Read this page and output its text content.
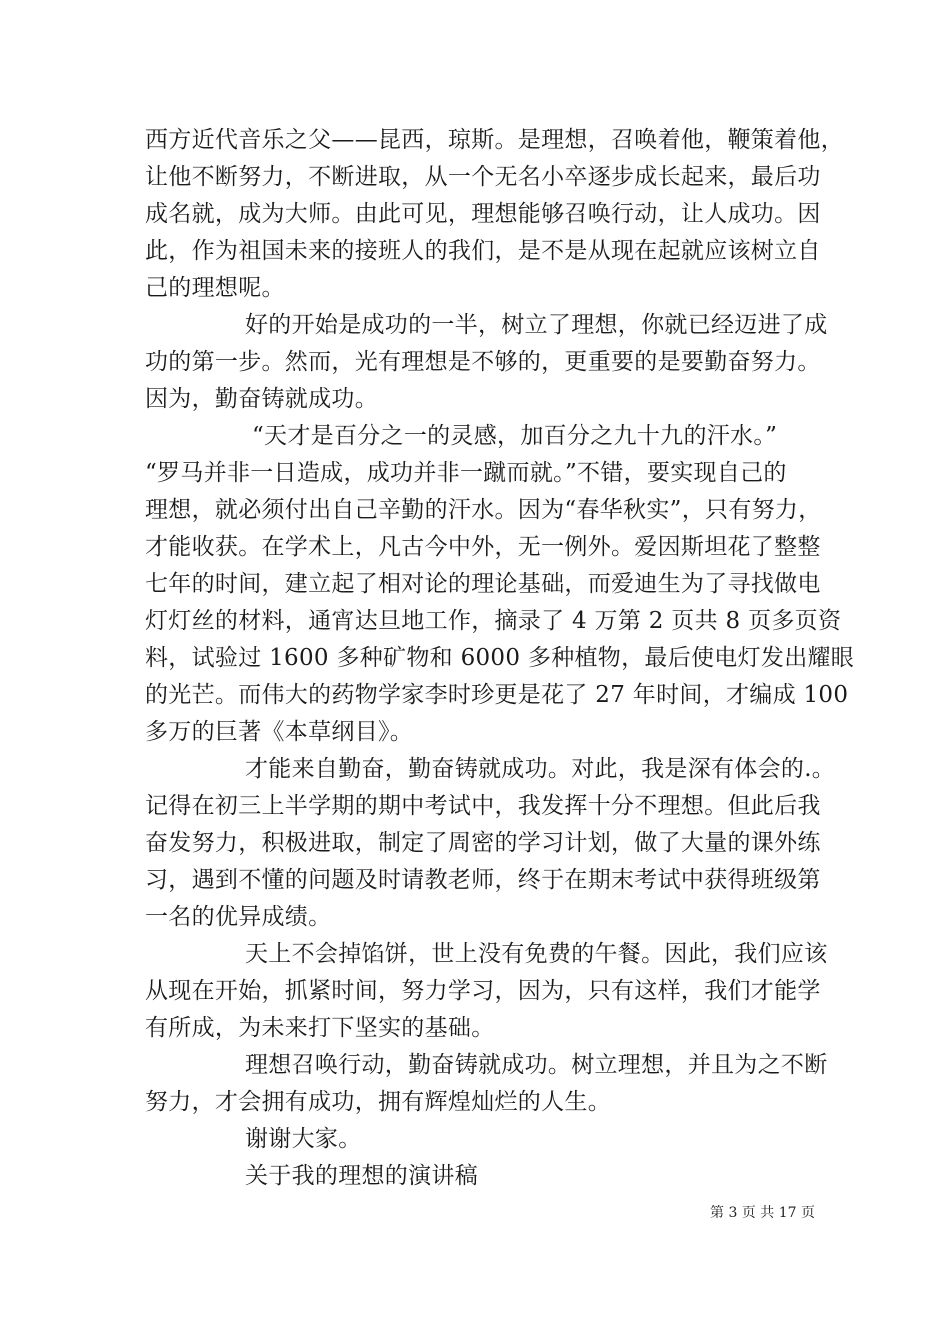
西方近代音乐之父——昆西，琼斯。是理想，召唤着他，鞭策着他，
让他不断努力，不断进取，从一个无名小卒逐步成长起来，最后功
成名就，成为大师。由此可见，理想能够召唤行动，让人成功。因
此，作为祖国未来的接班人的我们，是不是从现在起就应该树立自
己的理想呢。
好的开始是成功的一半，树立了理想，你就已经迈进了成
功的第一步。然而，光有理想是不够的，更重要的是要勤奋努力。
因为，勤奋铸就成功。
“天才是百分之一的灵感，加百分之九十九的汗水。”
“罗马并非一日造成，成功并非一蹴而就。”不错，要实现自己的
理想，就必须付出自己辛勤的汗水。因为“春华秋实”，只有努力，
才能收获。在学术上，凡古今中外，无一例外。爱因斯坦花了整整
七年的时间，建立起了相对论的理论基础，而爱迪生为了寻找做电
灯灯丝的材料，通宵达旦地工作，摘录了 4 万第 2 页共 8 页多页资
料，试验过 1600 多种矿物和 6000 多种植物，最后使电灯发出耀眼
的光芒。而伟大的药物学家李时珍更是花了 27 年时间，才编成 100
多万的巨著《本草纲目》。
才能来自勤奋，勤奋铸就成功。对此，我是深有体会的.。
记得在初三上半学期的期中考试中，我发挥十分不理想。但此后我
奋发努力，积极进取，制定了周密的学习计划，做了大量的课外练
习，遇到不懂的问题及时请教老师，终于在期末考试中获得班级第
一名的优异成绩。
天上不会掉馅饼，世上没有免费的午餐。因此，我们应该
从现在开始，抓紧时间，努力学习，因为，只有这样，我们才能学
有所成，为未来打下坚实的基础。
理想召唤行动，勤奋铸就成功。树立理想，并且为之不断
努力，才会拥有成功，拥有辉煌灿烂的人生。
谢谢大家。
关于我的理想的演讲稿
第 3 页 共 17 页
